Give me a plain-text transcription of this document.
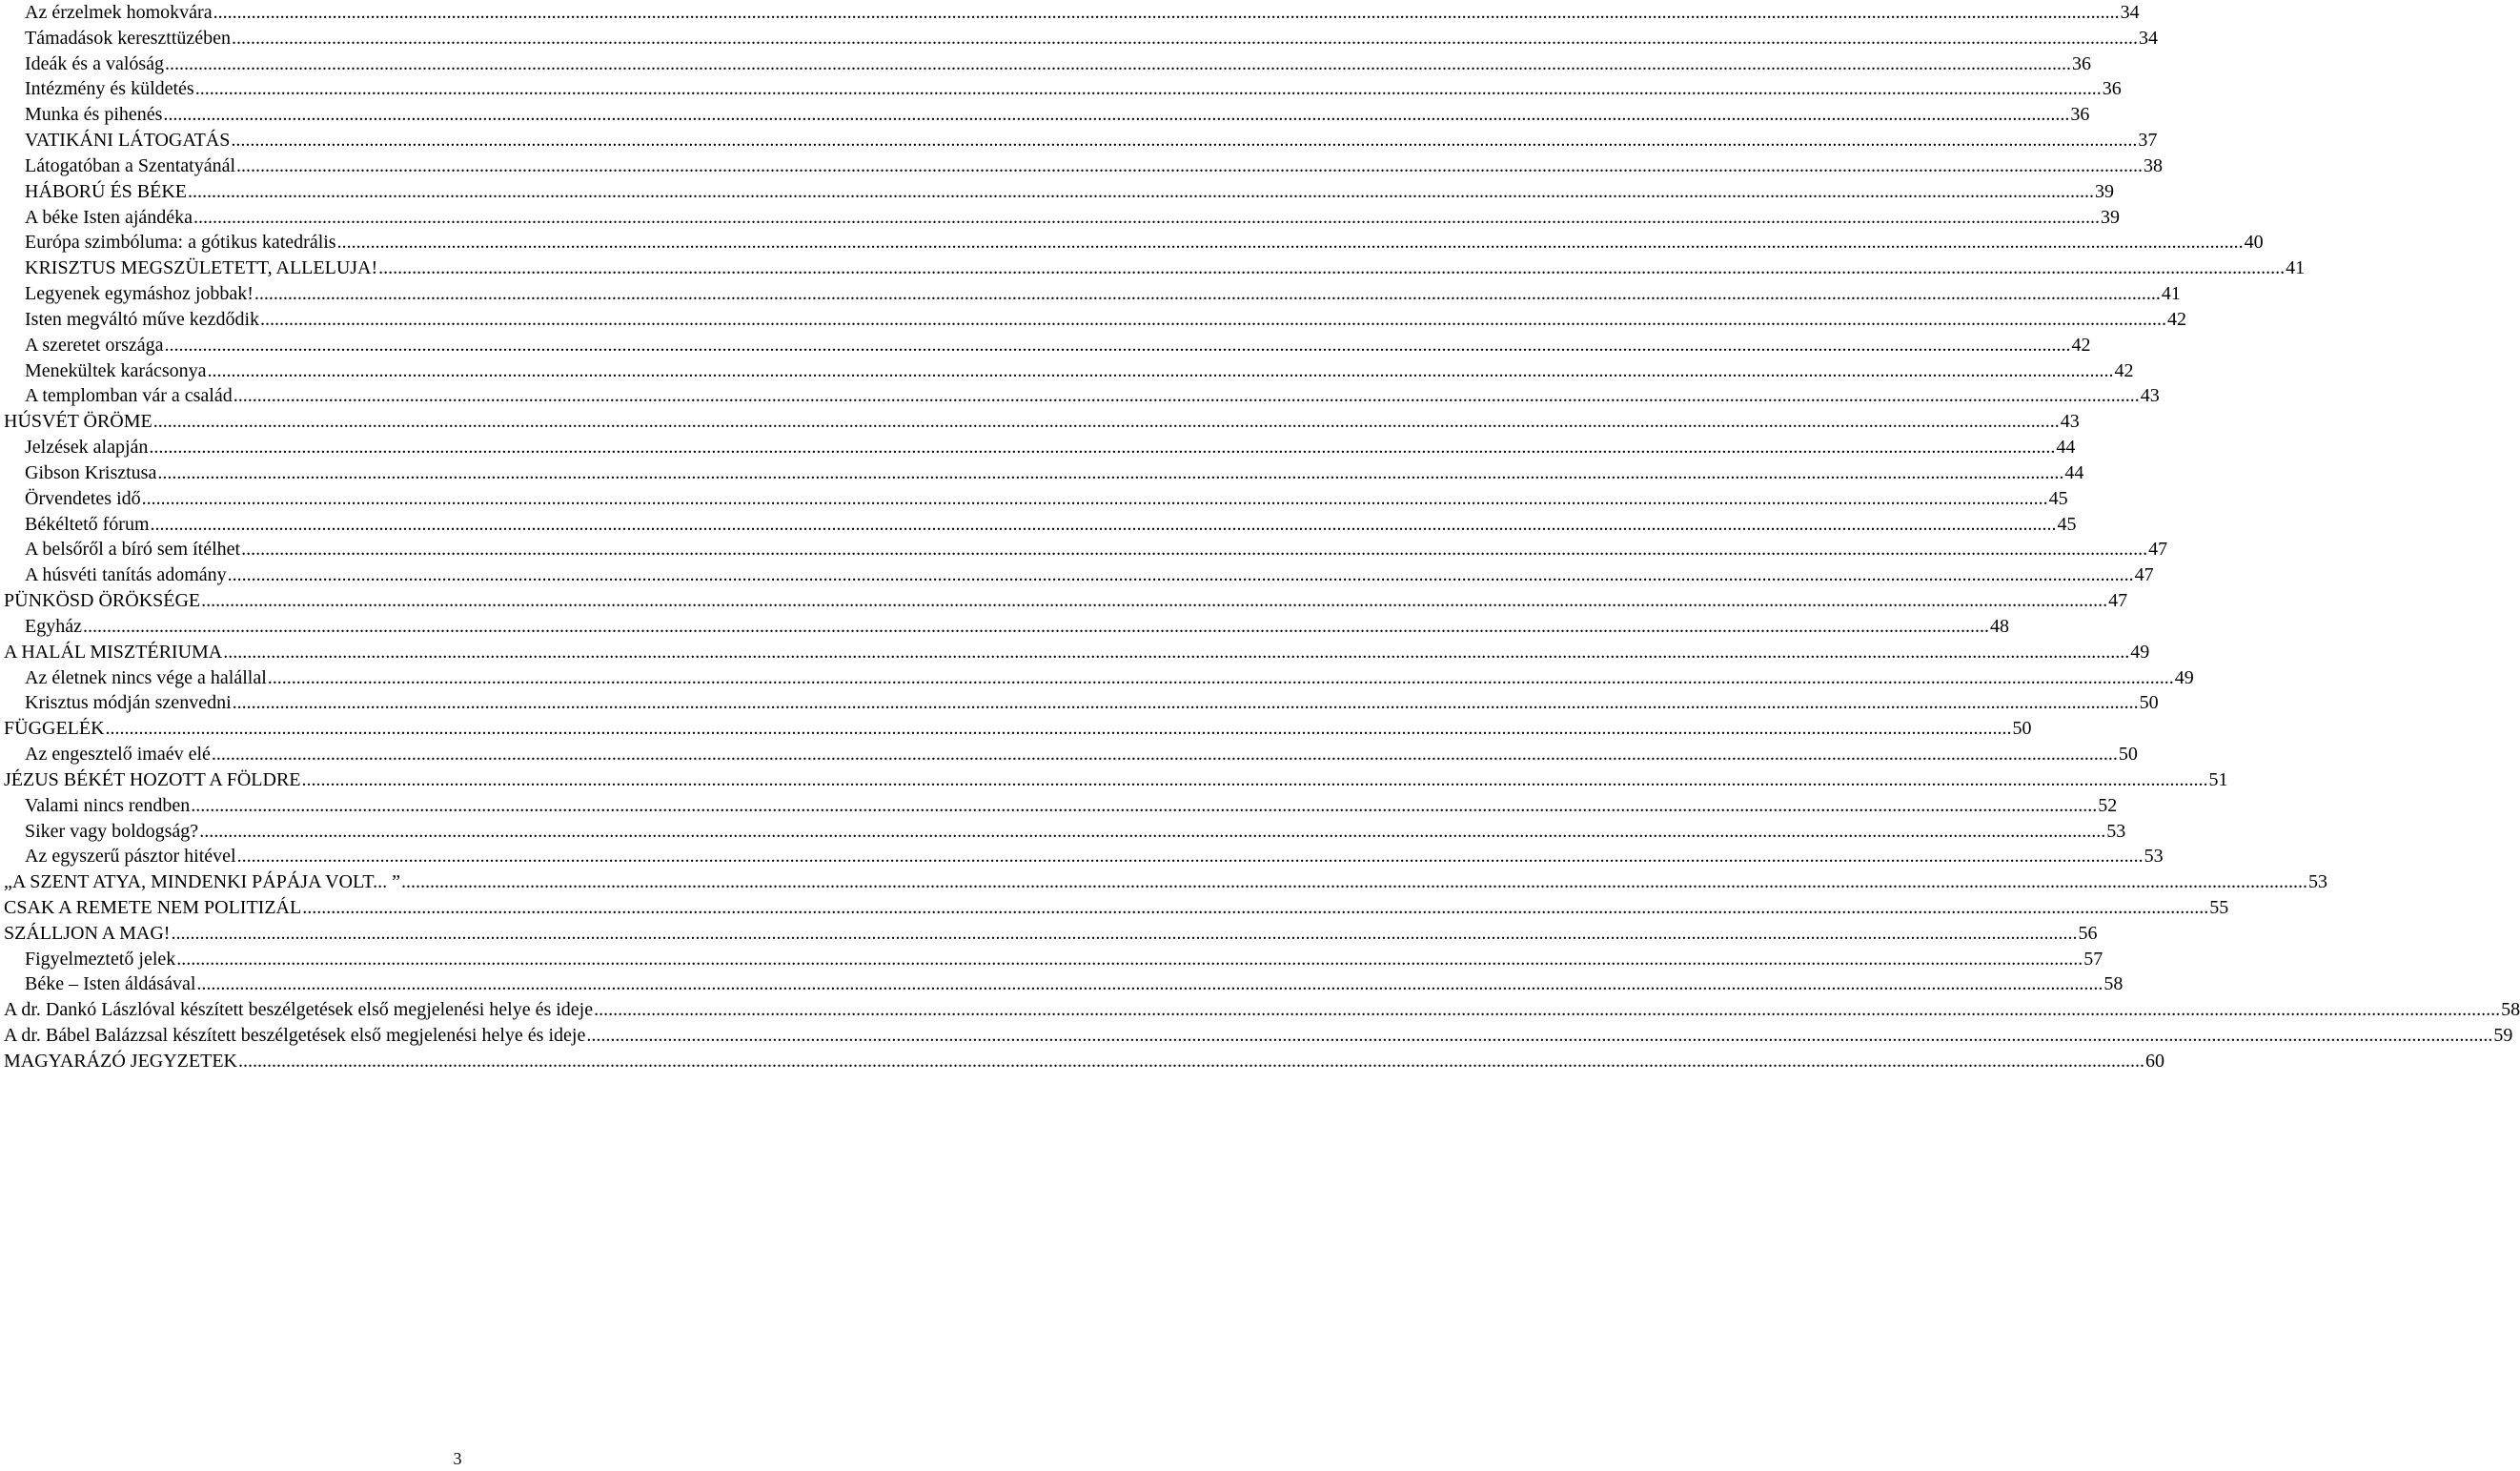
Az érzelmek homokvára ................................................................................................................................................................................................................................................................................................................................................................................................................ 34
Támadások kereszttüzében ................................................................................................................................................................................................................................................................................................................................................................................................................ 34
Ideák és a valóság ................................................................................................................................................................................................................................................................................................................................................................................................................ 36
Intézmény és küldetés ................................................................................................................................................................................................................................................................................................................................................................................................................ 36
Munka és pihenés ................................................................................................................................................................................................................................................................................................................................................................................................................ 36
VATIKÁNI LÁTOGATÁS ................................................................................................................................................................................................................................................................................................................................................................................................................ 37
Látogatóban a Szentatyánál ................................................................................................................................................................................................................................................................................................................................................................................................................ 38
HÁBORÚ ÉS BÉKE ................................................................................................................................................................................................................................................................................................................................................................................................................ 39
A béke Isten ajándéka ................................................................................................................................................................................................................................................................................................................................................................................................................ 39
Európa szimbóluma: a gótikus katedrális ................................................................................................................................................................................................................................................................................................................................................................................................................ 40
KRISZTUS MEGSZÜLETETT, ALLELUJA! ................................................................................................................................................................................................................................................................................................................................................................................................................ 41
Legyenek egymáshoz jobbak! ................................................................................................................................................................................................................................................................................................................................................................................................................ 41
Isten megváltó műve kezdődik ................................................................................................................................................................................................................................................................................................................................................................................................................ 42
A szeretet országa ................................................................................................................................................................................................................................................................................................................................................................................................................ 42
Menekültek karácsonya ................................................................................................................................................................................................................................................................................................................................................................................................................ 42
A templomban vár a család ................................................................................................................................................................................................................................................................................................................................................................................................................ 43
HÚSVÉT ÖRÖME ................................................................................................................................................................................................................................................................................................................................................................................................................ 43
Jelzések alapján ................................................................................................................................................................................................................................................................................................................................................................................................................ 44
Gibson Krisztusa ................................................................................................................................................................................................................................................................................................................................................................................................................ 44
Örvendetes idő ................................................................................................................................................................................................................................................................................................................................................................................................................ 45
Békéltető fórum ................................................................................................................................................................................................................................................................................................................................................................................................................ 45
A belsőről a bíró sem ítélhet ................................................................................................................................................................................................................................................................................................................................................................................................................ 47
A húsvéti tanítás adomány ................................................................................................................................................................................................................................................................................................................................................................................................................ 47
PÜNKÖSD ÖRÖKSÉGE ................................................................................................................................................................................................................................................................................................................................................................................................................ 47
Egyház ................................................................................................................................................................................................................................................................................................................................................................................................................ 48
A HALÁL MISZTÉRIUMA ................................................................................................................................................................................................................................................................................................................................................................................................................ 49
Az életnek nincs vége a halállal ................................................................................................................................................................................................................................................................................................................................................................................................................ 49
Krisztus módján szenvedni ................................................................................................................................................................................................................................................................................................................................................................................................................ 50
FÜGGELÉK ................................................................................................................................................................................................................................................................................................................................................................................................................ 50
Az engesztelő imaév elé ................................................................................................................................................................................................................................................................................................................................................................................................................ 50
JÉZUS BÉKÉT HOZOTT A FÖLDRE ................................................................................................................................................................................................................................................................................................................................................................................................................ 51
Valami nincs rendben ................................................................................................................................................................................................................................................................................................................................................................................................................ 52
Siker vagy boldogság? ................................................................................................................................................................................................................................................................................................................................................................................................................ 53
Az egyszerű pásztor hitével ................................................................................................................................................................................................................................................................................................................................................................................................................ 53
„A SZENT ATYA, MINDENKI PÁPÁJA VOLT... ” ................................................................................................................................................................................................................................................................................................................................................................................................................ 53
CSAK A REMETE NEM POLITIZÁL ................................................................................................................................................................................................................................................................................................................................................................................................................ 55
SZÁLLJON A MAG! ................................................................................................................................................................................................................................................................................................................................................................................................................ 56
Figyelmeztető jelek ................................................................................................................................................................................................................................................................................................................................................................................................................ 57
Béke – Isten áldásával ................................................................................................................................................................................................................................................................................................................................................................................................................ 58
A dr. Dankó Lászlóval készített beszélgetések első megjelenési helye és ideje ................................................................................................................................................................................................................................................................................................................................................................................................................ 58
A dr. Bábel Balázzsal készített beszélgetések első megjelenési helye és ideje ................................................................................................................................................................................................................................................................................................................................................................................................................ 59
MAGYARÁZÓ JEGYZETEK ................................................................................................................................................................................................................................................................................................................................................................................................................ 60
3
